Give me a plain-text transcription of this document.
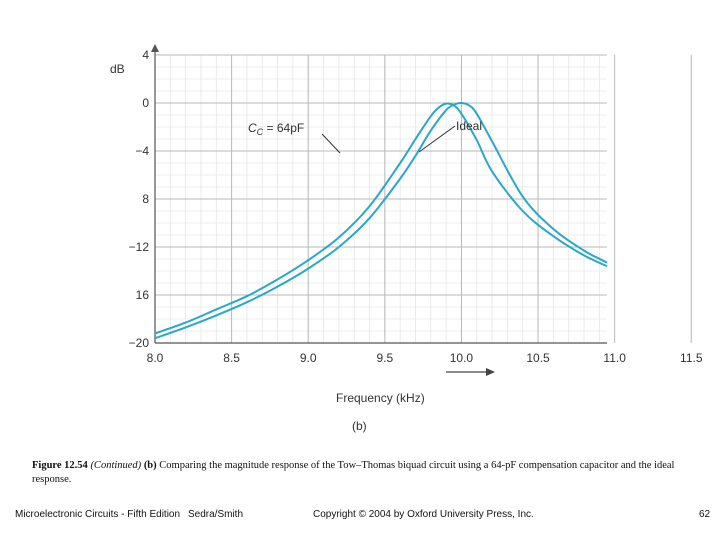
8.0	8.5	9.0	9.5	10.0	10.5	11.0	11.5
4
0
−4
8
−12
16
−20
$C_C = 64pF$	Ideal
dB
Frequency (kHz)
(b)
Figure 12.54 (Continued) (b) Comparing the magnitude response of the Tow–Thomas biquad circuit using a 64-pF compensation capacitor and the ideal response.
Microelectronic Circuits - Fifth Edition Sedra/Smith	Copyright © 2004 by Oxford University Press, Inc.	62
